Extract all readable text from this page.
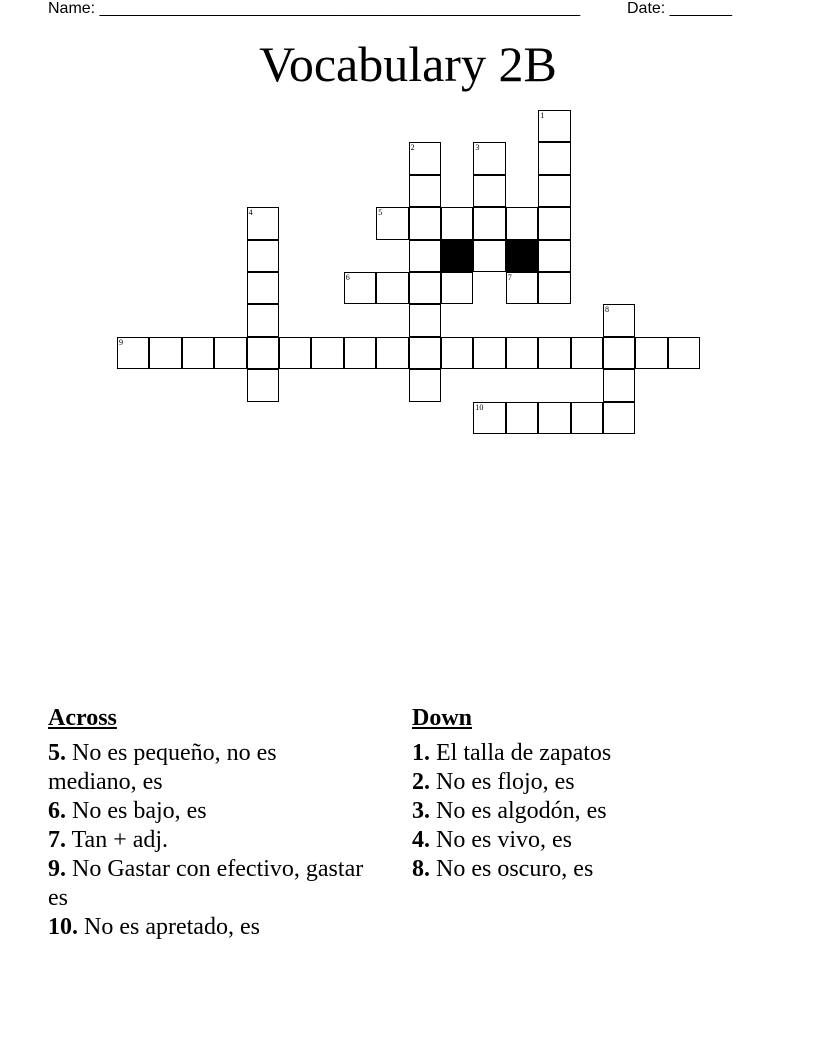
Name: ______________________________________________________	Date: _______
Vocabulary 2B
1
2	3
4	5
6	7
8
9
10
Across
5. No es pequeño, no es mediano, es
6. No es bajo, es
7. Tan + adj.
9. No Gastar con efectivo, gastar es
10. No es apretado, es
Down
1. El talla de zapatos
2. No es flojo, es
3. No es algodón, es
4. No es vivo, es
8. No es oscuro, es
